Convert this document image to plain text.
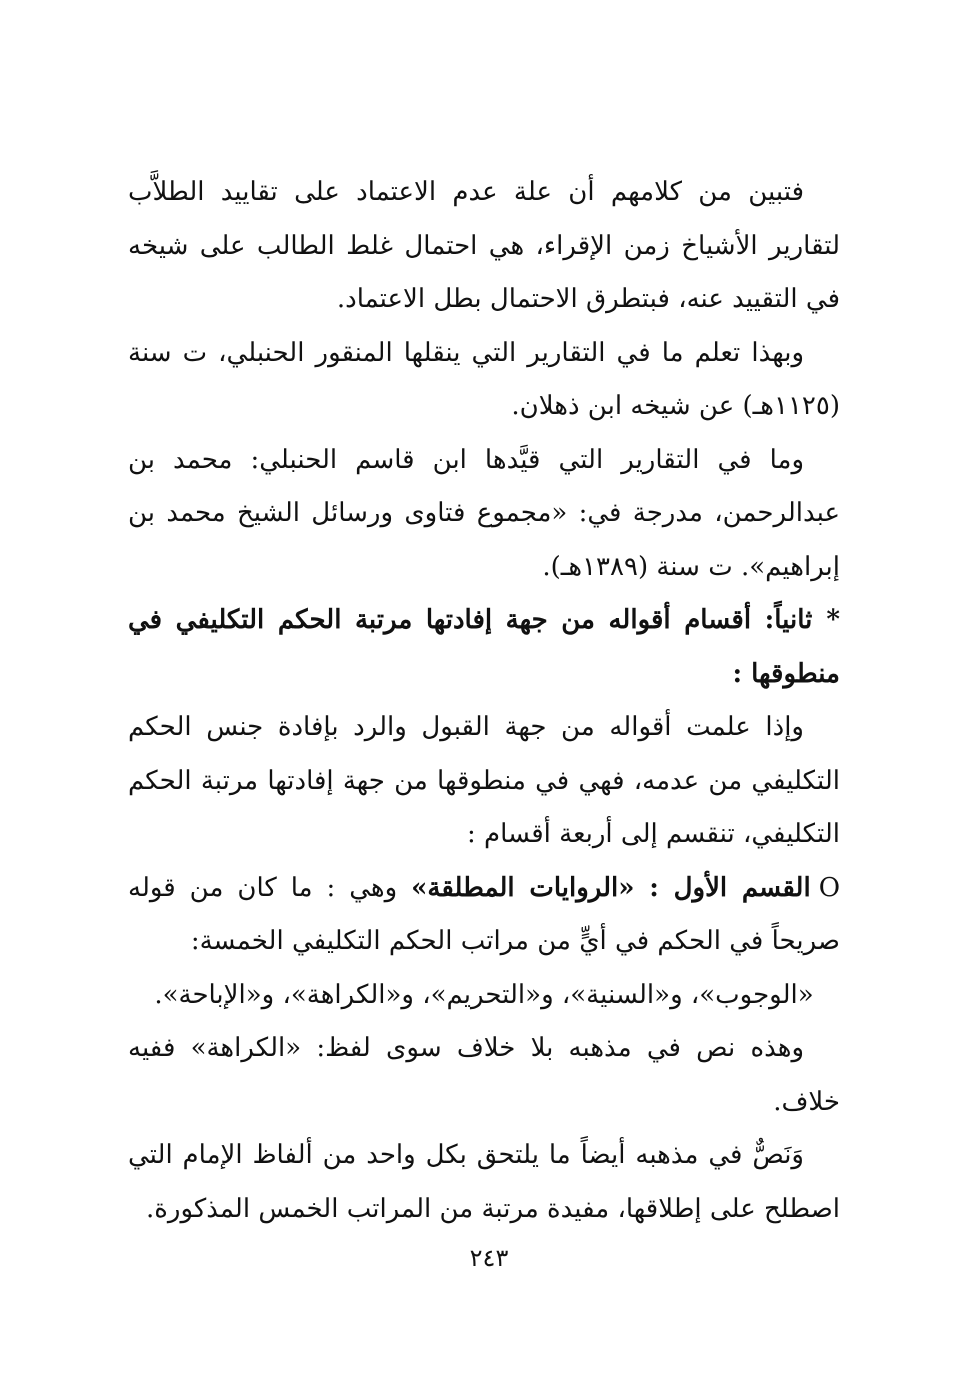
فتبين من كلامهم أن علة عدم الاعتماد على تقاييد الطلاَّب لتقارير الأشياخ زمن الإقراء، هي احتمال غلط الطالب على شيخه في التقييد عنه، فبتطرق الاحتمال بطل الاعتماد.

وبهذا تعلم ما في التقارير التي ينقلها المنقور الحنبلي، ت سنة (١١٢٥هـ) عن شيخه ابن ذهلان.

وما في التقارير التي قيَّدها ابن قاسم الحنبلي: محمد بن عبدالرحمن، مدرجة في: «مجموع فتاوى ورسائل الشيخ محمد بن إبراهيم». ت سنة (١٣٨٩هـ).

*ثانياً: أقسام أقواله من جهة إفادتها مرتبة الحكم التكليفي في منطوقها :

وإذا علمت أقواله من جهة القبول والرد بإفادة جنس الحكم التكليفي من عدمه، فهي في منطوقها من جهة إفادتها مرتبة الحكم التكليفي، تنقسم إلى أربعة أقسام :

Oالقسم الأول : «الروايات المطلقة» وهي : ما كان من قوله صريحاً في الحكم في أيٍّ من مراتب الحكم التكليفي الخمسة:

«الوجوب»، و«السنية»، و«التحريم»، و«الكراهة»، و«الإباحة».

وهذه نص في مذهبه بلا خلاف سوى لفظ: «الكراهة» ففيه خلاف.

وَنَصٌّ في مذهبه أيضاً ما يلتحق بكل واحد من ألفاظ الإمام التي اصطلح على إطلاقها، مفيدة مرتبة من المراتب الخمس المذكورة.

٢٤٣
